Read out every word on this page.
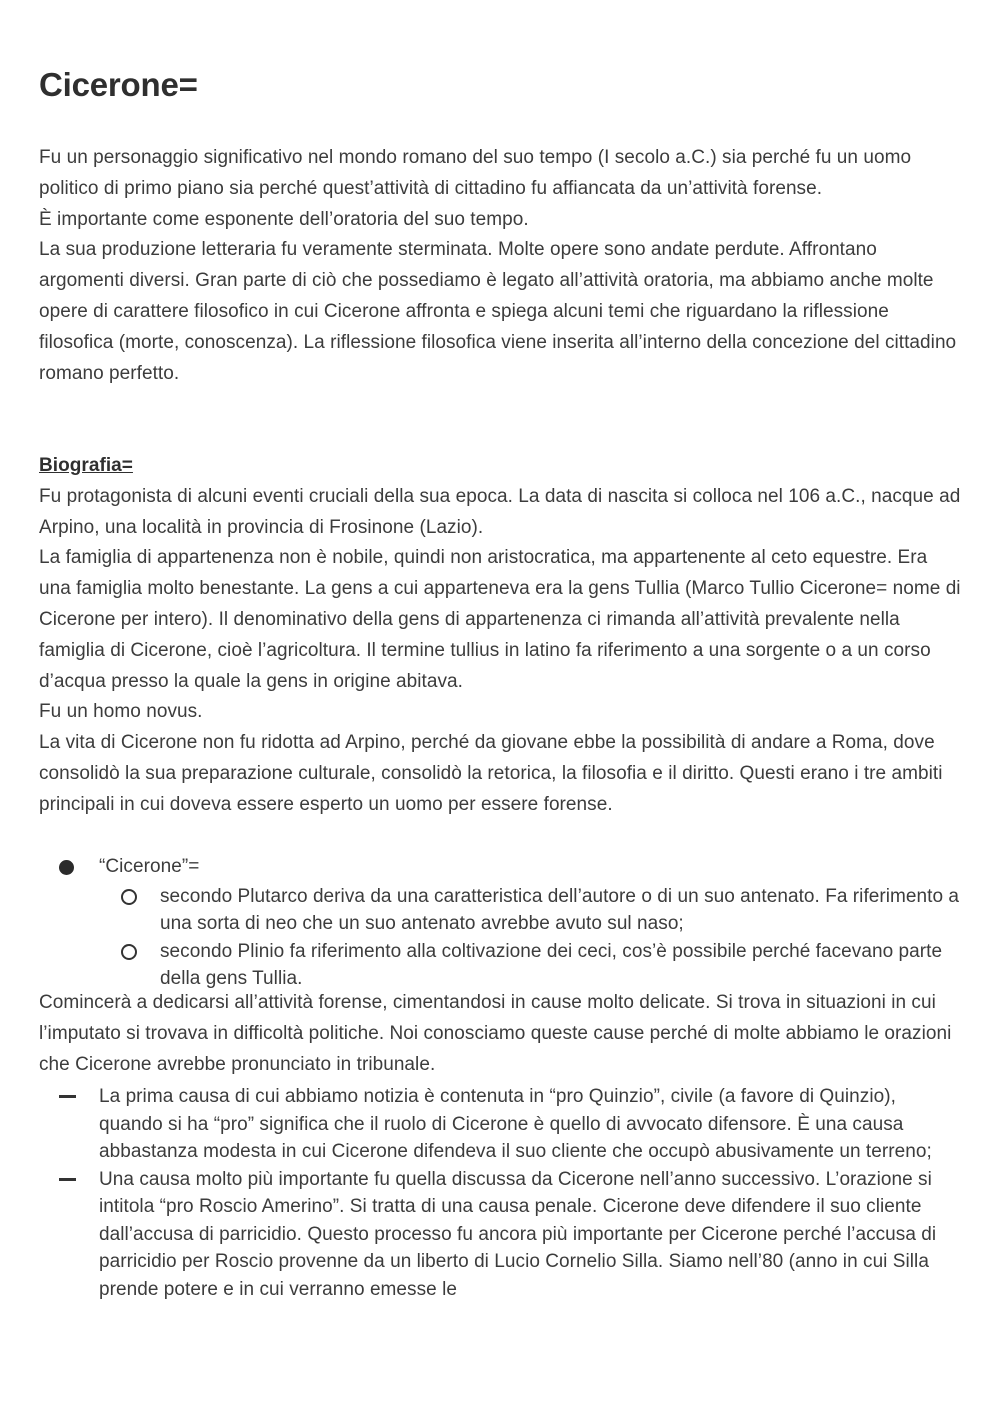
Cicerone=

Fu un personaggio significativo nel mondo romano del suo tempo (I secolo a.C.) sia perché fu un uomo politico di primo piano sia perché quest’attività di cittadino fu affiancata da un’attività forense.

È importante come esponente dell’oratoria del suo tempo.

La sua produzione letteraria fu veramente sterminata. Molte opere sono andate perdute. Affrontano argomenti diversi. Gran parte di ciò che possediamo è legato all’attività oratoria, ma abbiamo anche molte opere di carattere filosofico in cui Cicerone affronta e spiega alcuni temi che riguardano la riflessione filosofica (morte, conoscenza). La riflessione filosofica viene inserita all’interno della concezione del cittadino romano perfetto.

Biografia=

Fu protagonista di alcuni eventi cruciali della sua epoca. La data di nascita si colloca nel 106 a.C., nacque ad Arpino, una località in provincia di Frosinone (Lazio).

La famiglia di appartenenza non è nobile, quindi non aristocratica, ma appartenente al ceto equestre. Era una famiglia molto benestante. La gens a cui apparteneva era la gens Tullia (Marco Tullio Cicerone= nome di Cicerone per intero). Il denominativo della gens di appartenenza ci rimanda all’attività prevalente nella famiglia di Cicerone, cioè l’agricoltura. Il termine tullius in latino fa riferimento a una sorgente o a un corso d’acqua presso la quale la gens in origine abitava.

Fu un homo novus.

La vita di Cicerone non fu ridotta ad Arpino, perché da giovane ebbe la possibilità di andare a Roma, dove consolidò la sua preparazione culturale, consolidò la retorica, la filosofia e il diritto. Questi erano i tre ambiti principali in cui doveva essere esperto un uomo per essere forense.

“Cicerone”=
secondo Plutarco deriva da una caratteristica dell’autore o di un suo antenato. Fa riferimento a una sorta di neo che un suo antenato avrebbe avuto sul naso;
secondo Plinio fa riferimento alla coltivazione dei ceci, cos’è possibile perché facevano parte della gens Tullia.

Comincerà a dedicarsi all’attività forense, cimentandosi in cause molto delicate. Si trova in situazioni in cui l’imputato si trovava in difficoltà politiche. Noi conosciamo queste cause perché di molte abbiamo le orazioni che Cicerone avrebbe pronunciato in tribunale.

La prima causa di cui abbiamo notizia è contenuta in “pro Quinzio”, civile (a favore di Quinzio), quando si ha “pro” significa che il ruolo di Cicerone è quello di avvocato difensore. È una causa abbastanza modesta in cui Cicerone difendeva il suo cliente che occupò abusivamente un terreno;
Una causa molto più importante fu quella discussa da Cicerone nell’anno successivo. L’orazione si intitola “pro Roscio Amerino”. Si tratta di una causa penale. Cicerone deve difendere il suo cliente dall’accusa di parricidio. Questo processo fu ancora più importante per Cicerone perché l’accusa di parricidio per Roscio provenne da un liberto di Lucio Cornelio Silla. Siamo nell’80 (anno in cui Silla prende potere e in cui verranno emesse le
